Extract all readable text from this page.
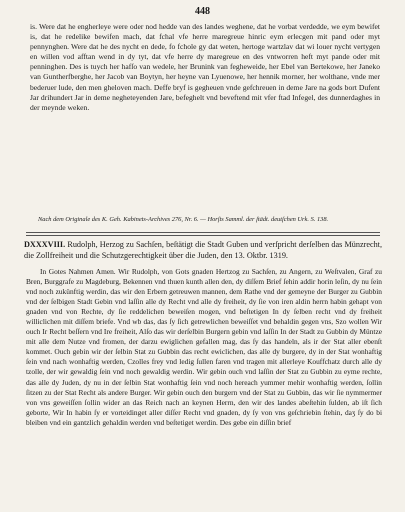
448

is. Were dat he engherleye were oder nod hedde van des landes weghene, dat he vorbat verdedde, we eym bewifet is, dat he redelike bewifen mach, dat fchal vfe herre maregreue hinric eym erlecgen mit pand oder myt pennynghen. Were dat he des nycht en dede, fo fchole gy dat weten, hertoge wartzlav dat wi louer nycht vertygen en willen vod afftan wend in dy tyt, dat vfe herre dy maregreue en des vntworren heft myt pande oder mit penninghen. Des is tuych her hafſo van wedele, her Brunink van fegheweide, her Ebel van Bertekowe, her Janeko van Guntherfberghe, her Jacob van Boytyn, her heyne van Lyuenowe, her hennik morner, her wolthane, vnde mer bederuer lude, den men gheloven mach. Deffe bryf is gegheuen vnde gefchreuen in deme Jare na gods bort Dufent Jar drihundert Jar in deme negheteyenden Jare, befeghelt vnd beveftend mit vfer ftad Infegel, des dunnerdaghes in der meynde weken.

Nach dem Originale des K. Geh. Kabinets-Archives 276, Nr. 6. — Horſts Samml. der ſtädt. deutſchen Urk. S. 138.
DXXXVIII. Rudolph, Herzog zu Sachſen, beſtätigt die Stadt Guben und verſpricht derſelben das Münzrecht, die Zollfreiheit und die Schutzgerechtigkeit über die Juden, den 13. Oktbr. 1319.

In Gotes Nahmen Amen. Wir Rudolph, von Gots gnaden Hertzog zu Sachſen, zu Angern, zu Weſtvalen, Graf zu Bren, Burggrafe zu Magdeburg, Bekennen vnd thuen kunth allen den, dy diſſem Brief ſehin addir horin leſin, dy nu ſein vnd noch zukünftig werdin, das wir den Erbern getreuwen mannen, dem Rathe vnd der gemeyne der Burger zu Gubbin vnd der ſelbigen Stadt Gebin vnd laſſin alle dy Recht vnd alle dy freiheit, dy ſie von iren aldin herrn habin gehapt von gnaden vnd von Rechte, dy ſie reddelichen beweiſen mogen, vnd beſtetigen In dy ſelben recht vnd dy freiheit williclichen mit diſſem briefe. Vnd wb das, das ſy ſich getrewlichen beweiſſet vnd behaldin gegen vns, Szo wollen Wir ouch Ir Recht beſſern vnd Ire freiheit, Alſo das wir derſelbin Burgern gebin vnd laſſin In der Stadt zu Gubbin dy Müntze mit alle dem Nutze vnd fromen, der darzu ewiglichen gefallen mag, das ſy das handeln, als ir der Stat aller ebenſt kommet. Ouch gebin wir der ſelbin Stat zu Gubbin das recht ewiclichen, das alle dy burgere, dy in der Stat wonhaftig ſein vnd nach wonhaftig werden, Czolles frey vnd ledig ſullen faren vnd tragen mit allerleye Kouffchatz durch alle dy tzolle, der wir gewaldig ſein vnd noch gewaldig werdin. Wir gebin ouch vnd laſſin der Stat zu Gubbin zu eyme rechte, das alle dy Juden, dy nu in der ſelbin Stat wonhaftig ſein vnd noch hereach yummer mehir wonhaftig werden, ſollin ſitzen zu der Stat Recht als andere Burger. Wir gebin ouch den burgern vnd der Stat zu Gubbin, das wir ſie nymmermer von vns geweiſſen ſollin wider an das Reich nach an keynen Herrn, den wir des landes abeſtehin ſulden, ab iſt ſich geborte, Wir In habin ſy er vorteidinget aller diſſer Recht vnd gnaden, dy ſy von vns geſchriebin ſtehin, daʒ ſy do bi bleiben vnd ein gantzlich gehaldin werden vnd beſtetiget werdin. Des gebe ein diſſin brief
